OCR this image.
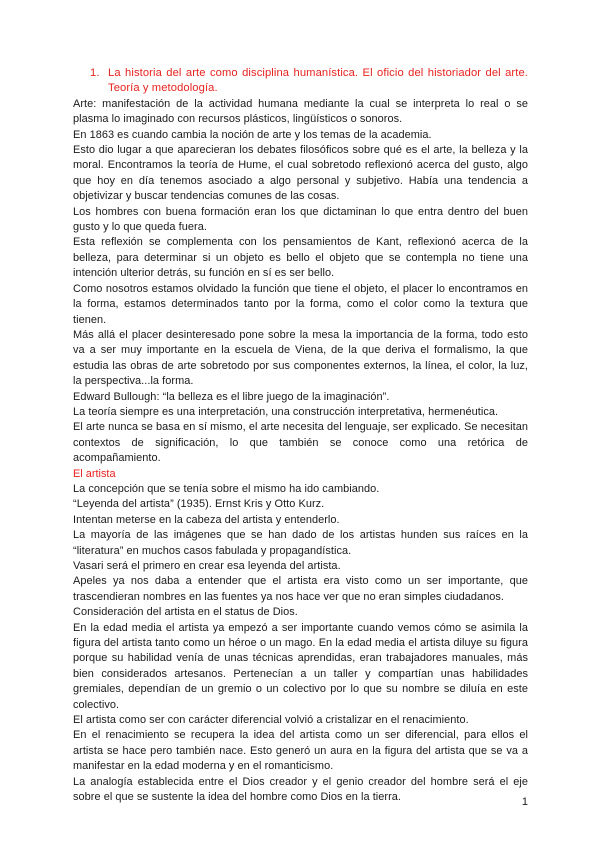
1. La historia del arte como disciplina humanística. El oficio del historiador del arte. Teoría y metodología.

Arte: manifestación de la actividad humana mediante la cual se interpreta lo real o se plasma lo imaginado con recursos plásticos, lingüísticos o sonoros.

En 1863 es cuando cambia la noción de arte y los temas de la academia.

Esto dio lugar a que aparecieran los debates filosóficos sobre qué es el arte, la belleza y la moral. Encontramos la teoría de Hume, el cual sobretodo reflexionó acerca del gusto, algo que hoy en día tenemos asociado a algo personal y subjetivo. Había una tendencia a objetivizar y buscar tendencias comunes de las cosas.

Los hombres con buena formación eran los que dictaminan lo que entra dentro del buen gusto y lo que queda fuera.

Esta reflexión se complementa con los pensamientos de Kant, reflexionó acerca de la belleza, para determinar si un objeto es bello el objeto que se contempla no tiene una intención ulterior detrás, su función en sí es ser bello.

Como nosotros estamos olvidado la función que tiene el objeto, el placer lo encontramos en la forma, estamos determinados tanto por la forma, como el color como la textura que tienen.

Más allá el placer desinteresado pone sobre la mesa la importancia de la forma, todo esto va a ser muy importante en la escuela de Viena, de la que deriva el formalismo, la que estudia las obras de arte sobretodo por sus componentes externos, la línea, el color, la luz, la perspectiva...la forma.

Edward Bullough: “la belleza es el libre juego de la imaginación”.

La teoría siempre es una interpretación, una construcción interpretativa, hermenéutica.

El arte nunca se basa en sí mismo, el arte necesita del lenguaje, ser explicado. Se necesitan contextos de significación, lo que también se conoce como una retórica de acompañamiento.

El artista

La concepción que se tenía sobre el mismo ha ido cambiando.

“Leyenda del artista” (1935). Ernst Kris y Otto Kurz.

Intentan meterse en la cabeza del artista y entenderlo.

La mayoría de las imágenes que se han dado de los artistas hunden sus raíces en la “literatura” en muchos casos fabulada y propagandística.

Vasari será el primero en crear esa leyenda del artista.

Apeles ya nos daba a entender que el artista era visto como un ser importante, que trascendieran nombres en las fuentes ya nos hace ver que no eran simples ciudadanos.

Consideración del artista en el status de Dios.

En la edad media el artista ya empezó a ser importante cuando vemos cómo se asimila la figura del artista tanto como un héroe o un mago. En la edad media el artista diluye su figura porque su habilidad venía de unas técnicas aprendidas, eran trabajadores manuales, más bien considerados artesanos. Pertenecían a un taller y compartían unas habilidades gremiales, dependían de un gremio o un colectivo por lo que su nombre se diluía en este colectivo.

El artista como ser con carácter diferencial volvió a cristalizar en el renacimiento.

En el renacimiento se recupera la idea del artista como un ser diferencial, para ellos el artista se hace pero también nace. Esto generó un aura en la figura del artista que se va a manifestar en la edad moderna y en el romanticismo.

La analogía establecida entre el Dios creador y el genio creador del hombre será el eje sobre el que se sustente la idea del hombre como Dios en la tierra.	1
